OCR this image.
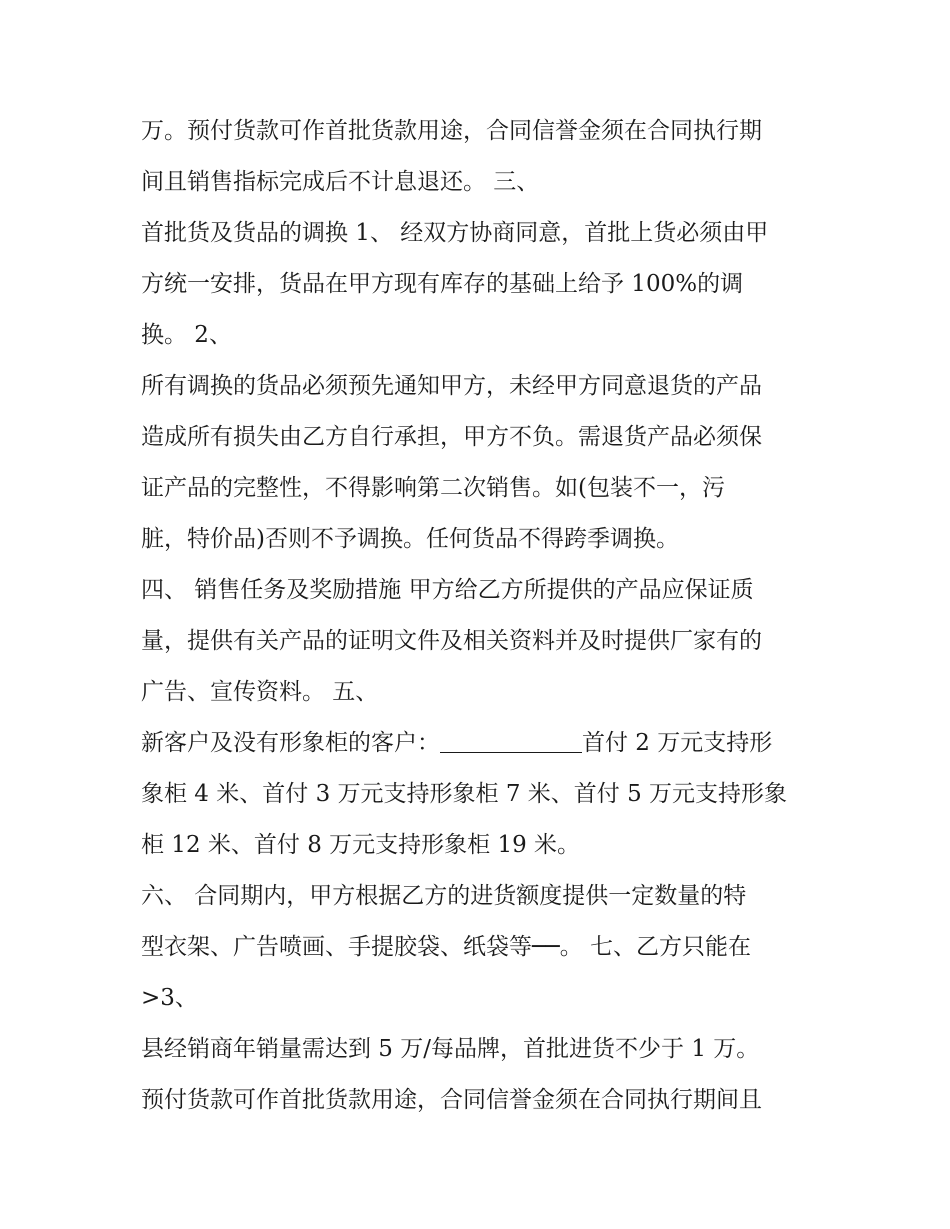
万。预付货款可作首批货款用途，合同信誉金须在合同执行期
间且销售指标完成后不计息退还。 三、
首批货及货品的调换 1、 经双方协商同意，首批上货必须由甲
方统一安排，货品在甲方现有库存的基础上给予 100%的调
换。 2、
所有调换的货品必须预先通知甲方，未经甲方同意退货的产品
造成所有损失由乙方自行承担，甲方不负。需退货产品必须保
证产品的完整性，不得影响第二次销售。如(包装不一，污
脏，特价品)否则不予调换。任何货品不得跨季调换。
四、 销售任务及奖励措施 甲方给乙方所提供的产品应保证质
量，提供有关产品的证明文件及相关资料并及时提供厂家有的
广告、宣传资料。 五、
新客户及没有形象柜的客户：	首付 2 万元支持形
象柜 4 米、首付 3 万元支持形象柜 7 米、首付 5 万元支持形象
柜 12 米、首付 8 万元支持形象柜 19 米。
六、 合同期内，甲方根据乙方的进货额度提供一定数量的特
型衣架、广告喷画、手提胶袋、纸袋等──。 七、乙方只能在
>3、
县经销商年销量需达到 5 万/每品牌，首批进货不少于 1 万。
预付货款可作首批货款用途，合同信誉金须在合同执行期间且
